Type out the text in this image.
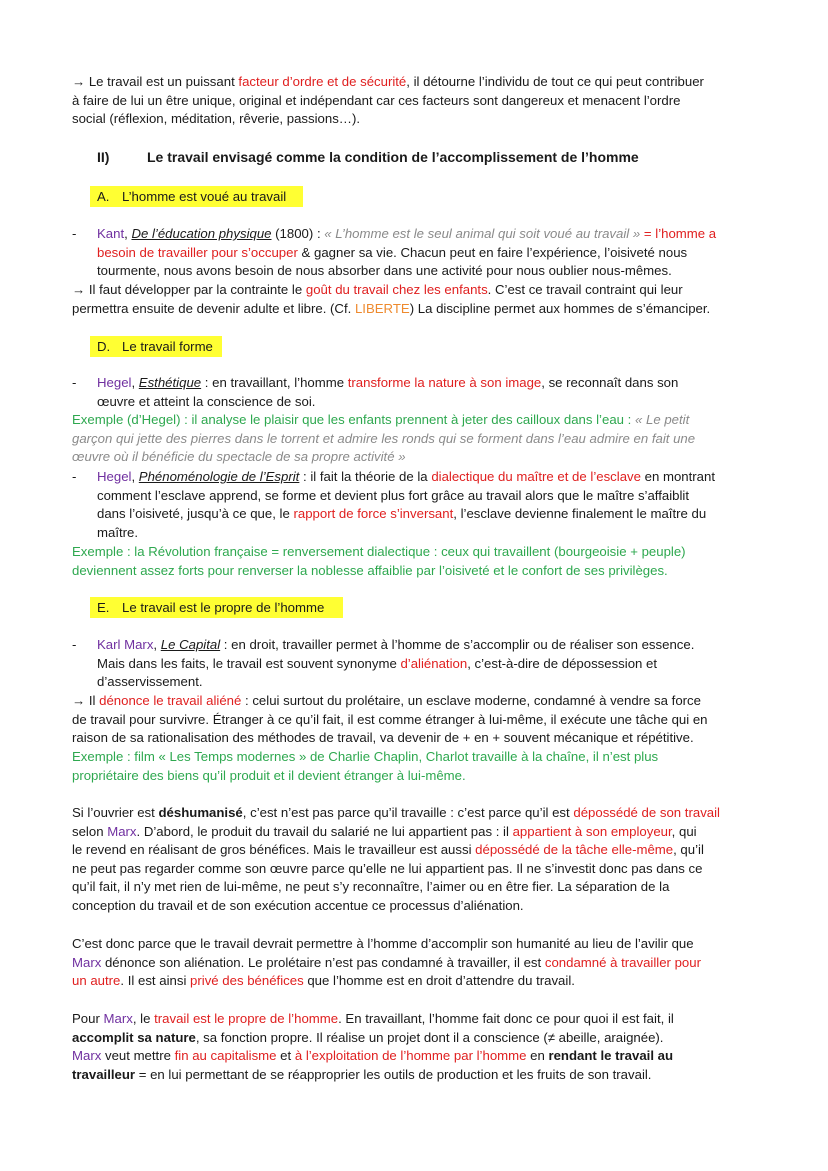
→ Le travail est un puissant facteur d’ordre et de sécurité, il détourne l’individu de tout ce qui peut contribuer
à faire de lui un être unique, original et indépendant car ces facteurs sont dangereux et menacent l’ordre
social (réflexion, méditation, rêverie, passions…).
II)	Le travail envisagé comme la condition de l’accomplissement de l’homme
A. L’homme est voué au travail
- Kant, De l’éducation physique (1800) : « L’homme est le seul animal qui soit voué au travail » = l’homme a
besoin de travailler pour s’occuper & gagner sa vie. Chacun peut en faire l’expérience, l’oisiveté nous
tourmente, nous avons besoin de nous absorber dans une activité pour nous oublier nous-mêmes.
→ Il faut développer par la contrainte le goût du travail chez les enfants. C’est ce travail contraint qui leur
permettra ensuite de devenir adulte et libre. (Cf. LIBERTE) La discipline permet aux hommes de s’émanciper.
D. Le travail forme
- Hegel, Esthétique : en travaillant, l’homme transforme la nature à son image, se reconnaît dans son
œuvre et atteint la conscience de soi.
Exemple (d’Hegel) : il analyse le plaisir que les enfants prennent à jeter des cailloux dans l’eau : « Le petit
garçon qui jette des pierres dans le torrent et admire les ronds qui se forment dans l’eau admire en fait une
œuvre où il bénéficie du spectacle de sa propre activité »
- Hegel, Phénoménologie de l’Esprit : il fait la théorie de la dialectique du maître et de l’esclave en montrant
comment l’esclave apprend, se forme et devient plus fort grâce au travail alors que le maître s’affaiblit
dans l’oisiveté, jusqu’à ce que, le rapport de force s’inversant, l’esclave devienne finalement le maître du
maître.
Exemple : la Révolution française = renversement dialectique : ceux qui travaillent (bourgeoisie + peuple)
deviennent assez forts pour renverser la noblesse affaiblie par l’oisiveté et le confort de ses privilèges.
E. Le travail est le propre de l’homme
- Karl Marx, Le Capital : en droit, travailler permet à l’homme de s’accomplir ou de réaliser son essence.
Mais dans les faits, le travail est souvent synonyme d’aliénation, c’est-à-dire de dépossession et
d’asservissement.
→ Il dénonce le travail aliéné : celui surtout du prolétaire, un esclave moderne, condamné à vendre sa force
de travail pour survivre. Étranger à ce qu’il fait, il est comme étranger à lui-même, il exécute une tâche qui en
raison de sa rationalisation des méthodes de travail, va devenir de + en + souvent mécanique et répétitive.
Exemple : film « Les Temps modernes » de Charlie Chaplin, Charlot travaille à la chaîne, il n’est plus
propriétaire des biens qu’il produit et il devient étranger à lui-même.
Si l’ouvrier est déshumanisé, c’est n’est pas parce qu’il travaille : c’est parce qu’il est dépossédé de son travail
selon Marx. D’abord, le produit du travail du salarié ne lui appartient pas : il appartient à son employeur, qui
le revend en réalisant de gros bénéfices. Mais le travailleur est aussi dépossédé de la tâche elle-même, qu’il
ne peut pas regarder comme son œuvre parce qu’elle ne lui appartient pas. Il ne s’investit donc pas dans ce
qu’il fait, il n’y met rien de lui-même, ne peut s’y reconnaître, l’aimer ou en être fier. La séparation de la
conception du travail et de son exécution accentue ce processus d’aliénation.
C’est donc parce que le travail devrait permettre à l’homme d’accomplir son humanité au lieu de l’avilir que
Marx dénonce son aliénation. Le prolétaire n’est pas condamné à travailler, il est condamné à travailler pour
un autre. Il est ainsi privé des bénéfices que l’homme est en droit d’attendre du travail.
Pour Marx, le travail est le propre de l’homme. En travaillant, l’homme fait donc ce pour quoi il est fait, il
accomplit sa nature, sa fonction propre. Il réalise un projet dont il a conscience (≠ abeille, araignée).
Marx veut mettre fin au capitalisme et à l’exploitation de l’homme par l’homme en rendant le travail au
travailleur = en lui permettant de se réapproprier les outils de production et les fruits de son travail.
